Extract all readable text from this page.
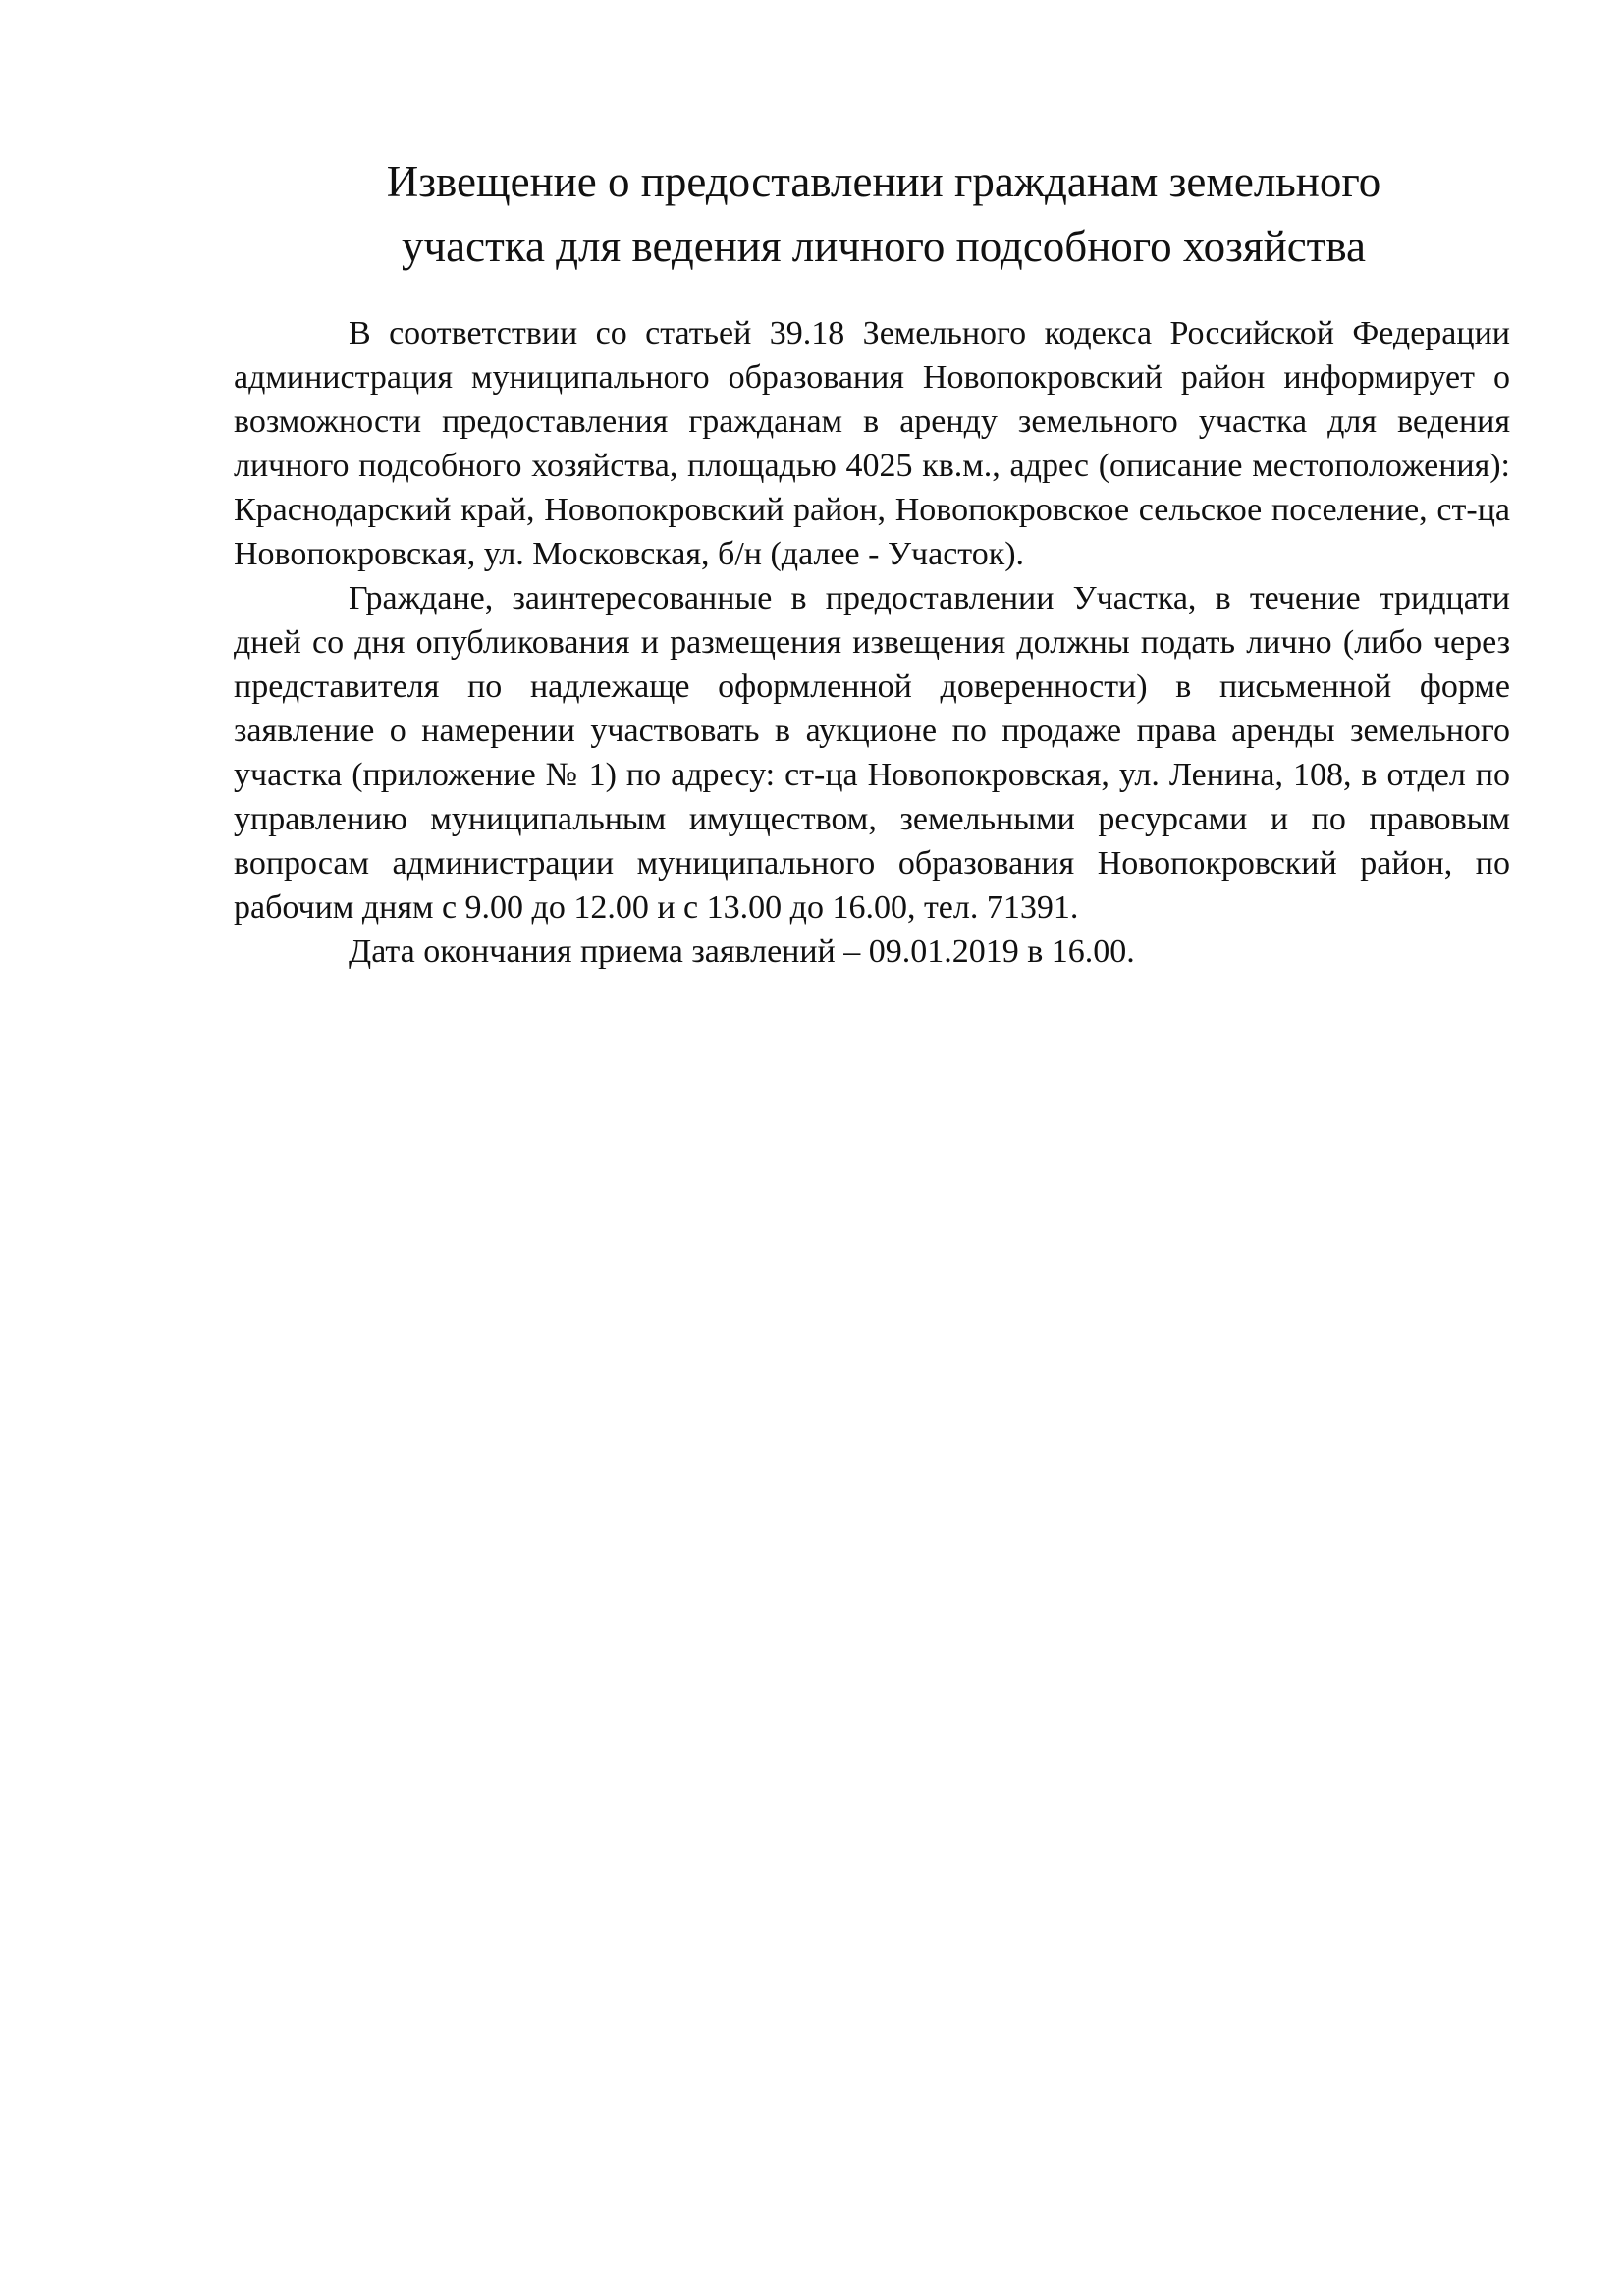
Извещение о предоставлении гражданам земельного
участка для ведения личного подсобного хозяйства

В соответствии со статьей 39.18 Земельного кодекса Российской Федерации администрация муниципального образования Новопокровский район информирует о возможности предоставления гражданам в аренду земельного участка для ведения личного подсобного хозяйства, площадью 4025 кв.м., адрес (описание местоположения): Краснодарский край, Новопокровский район, Новопокровское сельское поселение, ст-ца Новопокровская, ул. Московская, б/н (далее - Участок).

Граждане, заинтересованные в предоставлении Участка, в течение тридцати дней со дня опубликования и размещения извещения должны подать лично (либо через представителя по надлежаще оформленной доверенности) в письменной форме заявление о намерении участвовать в аукционе по продаже права аренды земельного участка (приложение № 1) по адресу: ст-ца Новопокровская, ул. Ленина, 108, в отдел по управлению муниципальным имуществом, земельными ресурсами и по правовым вопросам администрации муниципального образования Новопокровский район, по рабочим дням с 9.00 до 12.00 и с 13.00 до 16.00, тел. 71391.

Дата окончания приема заявлений – 09.01.2019 в 16.00.
